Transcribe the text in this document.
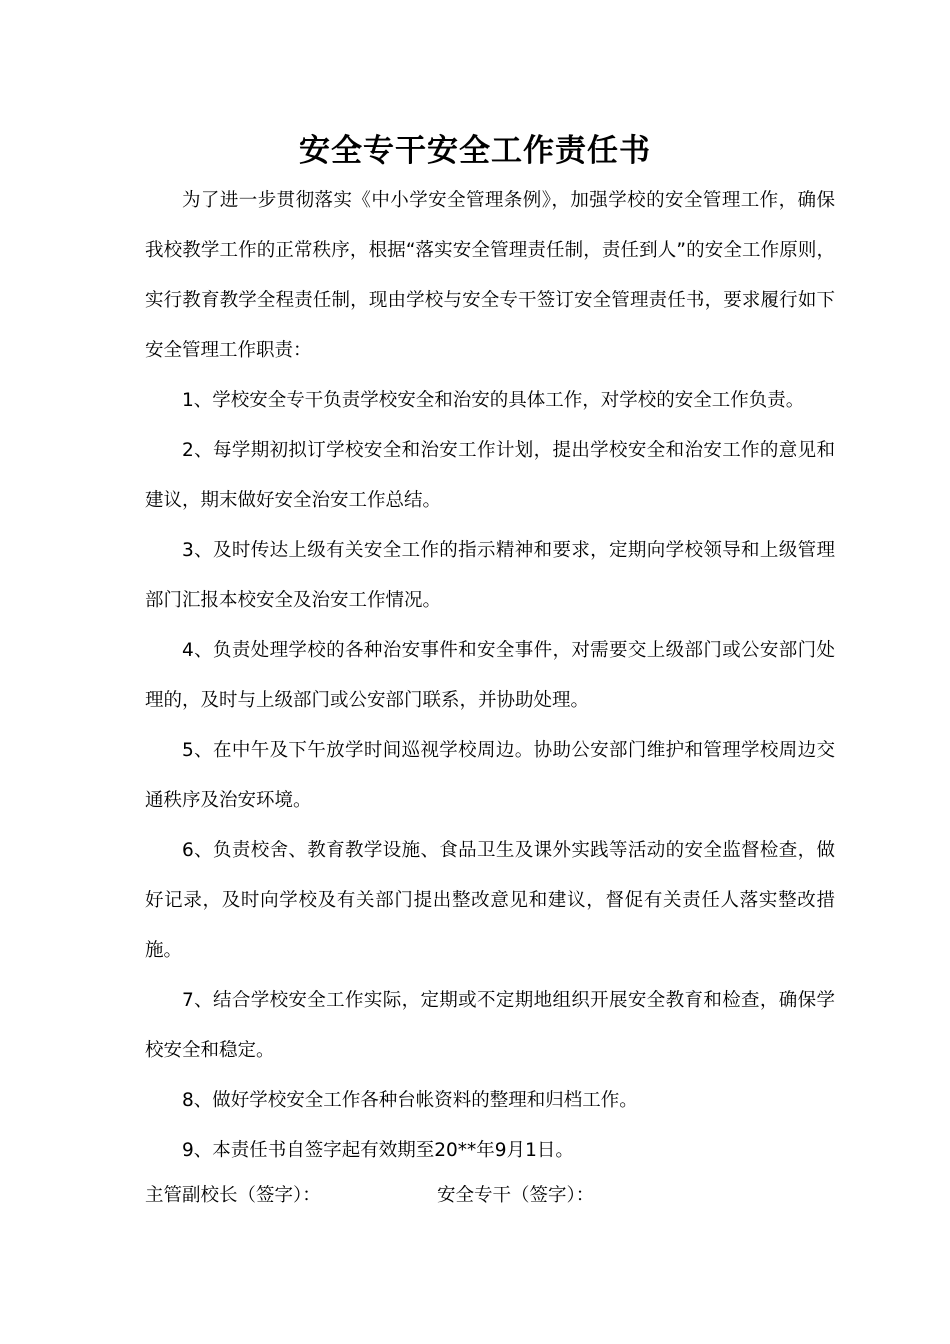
安全专干安全工作责任书

为了进一步贯彻落实《中小学安全管理条例》，加强学校的安全管理工作，确保我校教学工作的正常秩序，根据“落实安全管理责任制，责任到人”的安全工作原则，实行教育教学全程责任制，现由学校与安全专干签订安全管理责任书，要求履行如下安全管理工作职责：

1、学校安全专干负责学校安全和治安的具体工作，对学校的安全工作负责。

2、每学期初拟订学校安全和治安工作计划，提出学校安全和治安工作的意见和建议，期末做好安全治安工作总结。

3、及时传达上级有关安全工作的指示精神和要求，定期向学校领导和上级管理部门汇报本校安全及治安工作情况。

4、负责处理学校的各种治安事件和安全事件，对需要交上级部门或公安部门处理的，及时与上级部门或公安部门联系，并协助处理。

5、在中午及下午放学时间巡视学校周边。协助公安部门维护和管理学校周边交通秩序及治安环境。

6、负责校舍、教育教学设施、食品卫生及课外实践等活动的安全监督检查，做好记录，及时向学校及有关部门提出整改意见和建议，督促有关责任人落实整改措施。

7、结合学校安全工作实际，定期或不定期地组织开展安全教育和检查，确保学校安全和稳定。

8、做好学校安全工作各种台帐资料的整理和归档工作。

9、本责任书自签字起有效期至20**年9月1日。

主管副校长（签字）：	安全专干（签字）：
